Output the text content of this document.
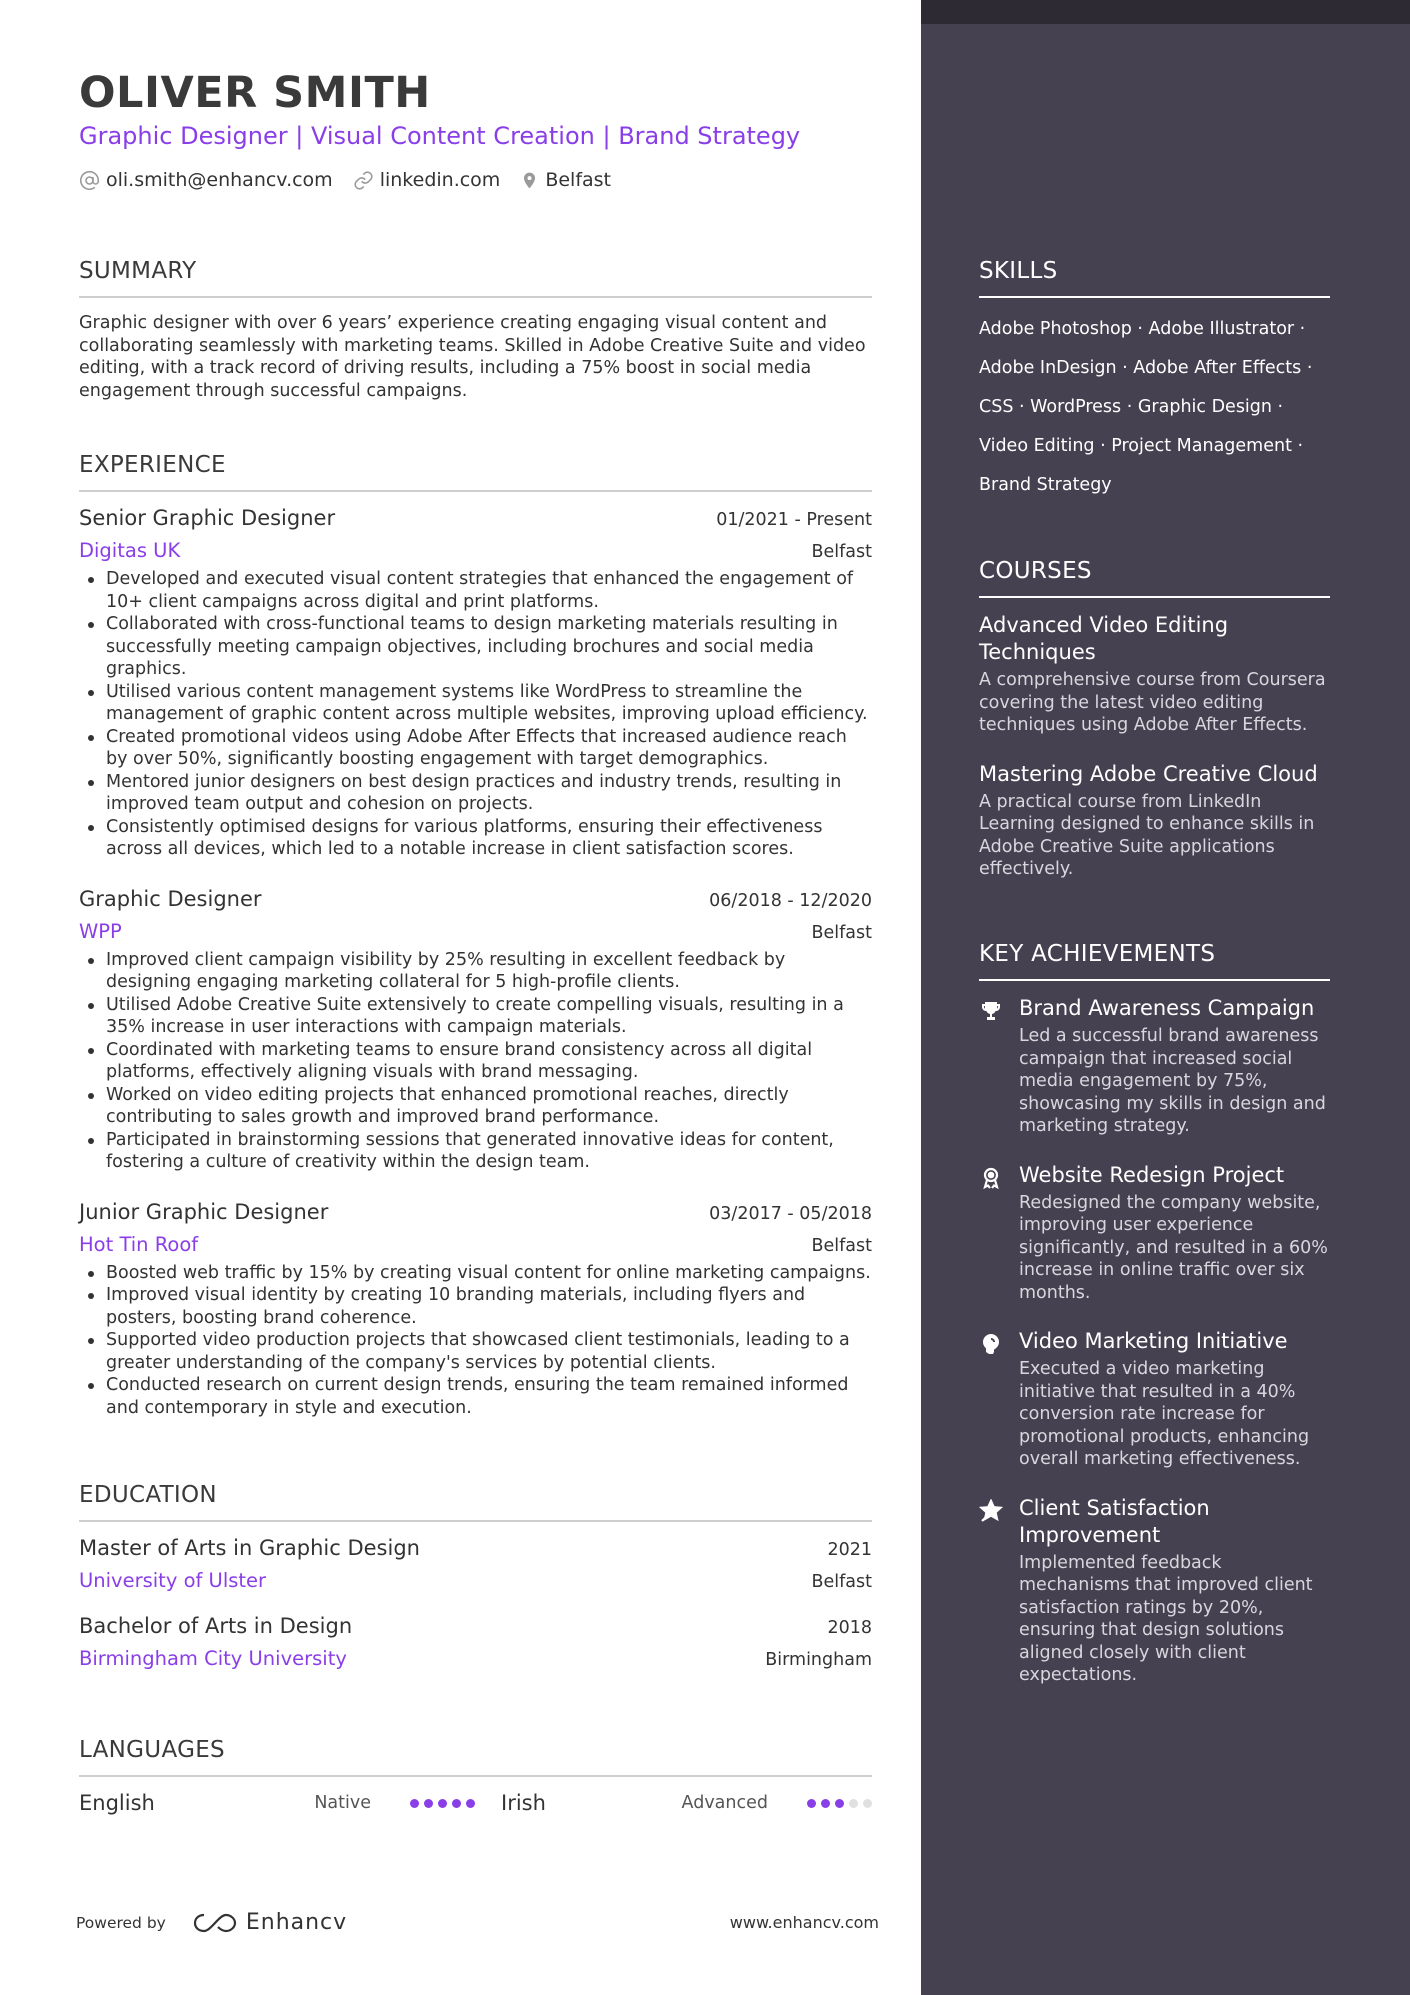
OLIVER SMITH
Graphic Designer | Visual Content Creation | Brand Strategy
oli.smith@enhancv.com linkedin.com Belfast
SUMMARY

Graphic designer with over 6 years’ experience creating engaging visual content and collaborating seamlessly with marketing teams. Skilled in Adobe Creative Suite and video editing, with a track record of driving results, including a 75% boost in social media engagement through successful campaigns.

EXPERIENCE
Senior Graphic Designer	01/2021 - Present
Digitas UK	Belfast
Developed and executed visual content strategies that enhanced the engagement of 10+ client campaigns across digital and print platforms.
Collaborated with cross-functional teams to design marketing materials resulting in successfully meeting campaign objectives, including brochures and social media graphics.
Utilised various content management systems like WordPress to streamline the management of graphic content across multiple websites, improving upload efficiency.
Created promotional videos using Adobe After Effects that increased audience reach by over 50%, significantly boosting engagement with target demographics.
Mentored junior designers on best design practices and industry trends, resulting in improved team output and cohesion on projects.
Consistently optimised designs for various platforms, ensuring their effectiveness across all devices, which led to a notable increase in client satisfaction scores.
Graphic Designer	06/2018 - 12/2020
WPP	Belfast
Improved client campaign visibility by 25% resulting in excellent feedback by designing engaging marketing collateral for 5 high-profile clients.
Utilised Adobe Creative Suite extensively to create compelling visuals, resulting in a 35% increase in user interactions with campaign materials.
Coordinated with marketing teams to ensure brand consistency across all digital platforms, effectively aligning visuals with brand messaging.
Worked on video editing projects that enhanced promotional reaches, directly contributing to sales growth and improved brand performance.
Participated in brainstorming sessions that generated innovative ideas for content, fostering a culture of creativity within the design team.
Junior Graphic Designer	03/2017 - 05/2018
Hot Tin Roof	Belfast
Boosted web traffic by 15% by creating visual content for online marketing campaigns.
Improved visual identity by creating 10 branding materials, including flyers and posters, boosting brand coherence.
Supported video production projects that showcased client testimonials, leading to a greater understanding of the company's services by potential clients.
Conducted research on current design trends, ensuring the team remained informed and contemporary in style and execution.
EDUCATION
Master of Arts in Graphic Design	2021
University of Ulster	Belfast
Bachelor of Arts in Design	2018
Birmingham City University	Birmingham
LANGUAGES
English	Native	Irish	Advanced
Powered by	Enhancv	www.enhancv.com
SKILLS
Adobe Photoshop · Adobe Illustrator ·
Adobe InDesign · Adobe After Effects ·
CSS · WordPress · Graphic Design ·
Video Editing · Project Management ·
Brand Strategy
COURSES
Advanced Video Editing Techniques
A comprehensive course from Coursera covering the latest video editing techniques using Adobe After Effects.
Mastering Adobe Creative Cloud
A practical course from LinkedIn Learning designed to enhance skills in Adobe Creative Suite applications effectively.
KEY ACHIEVEMENTS
Brand Awareness Campaign
Led a successful brand awareness campaign that increased social media engagement by 75%, showcasing my skills in design and marketing strategy.
Website Redesign Project
Redesigned the company website, improving user experience significantly, and resulted in a 60% increase in online traffic over six months.
Video Marketing Initiative
Executed a video marketing initiative that resulted in a 40% conversion rate increase for promotional products, enhancing overall marketing effectiveness.
Client Satisfaction Improvement
Implemented feedback mechanisms that improved client satisfaction ratings by 20%, ensuring that design solutions aligned closely with client expectations.
